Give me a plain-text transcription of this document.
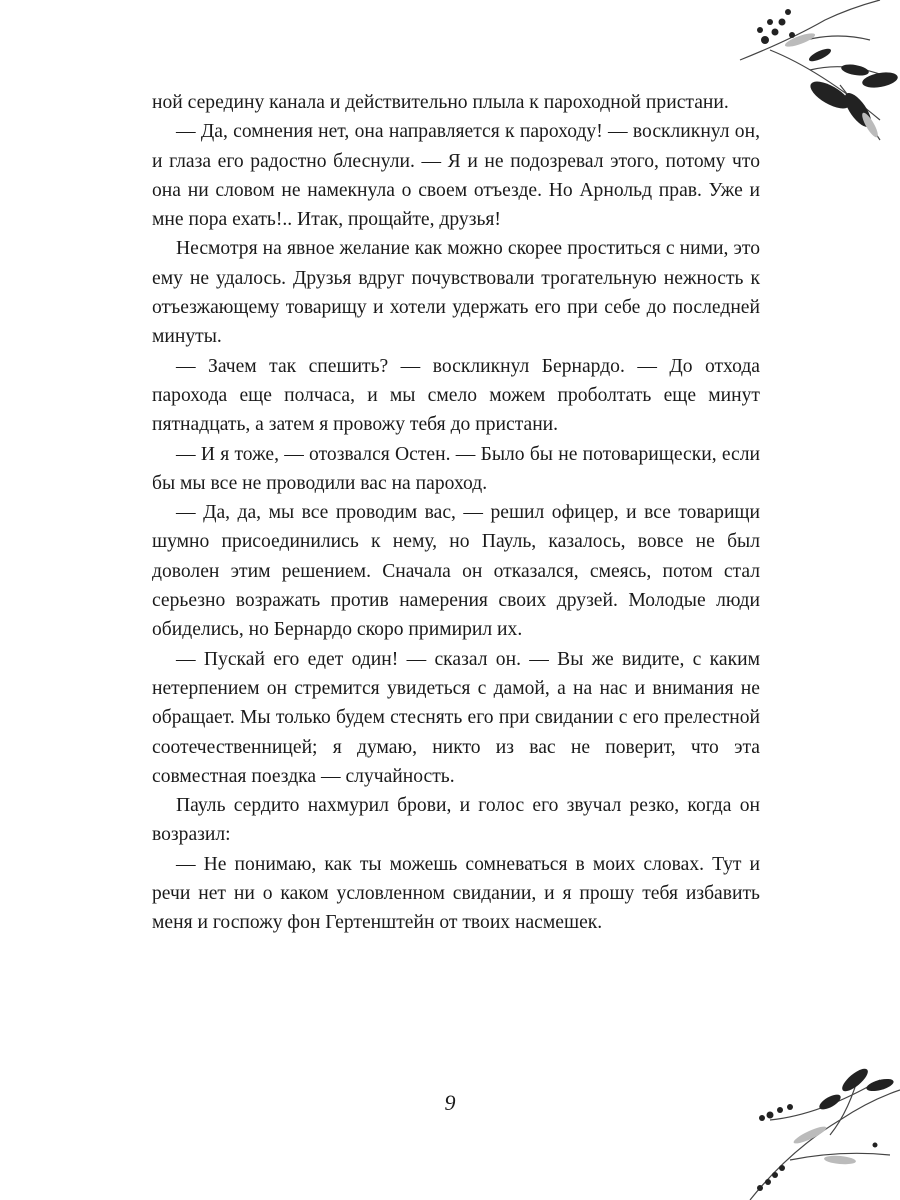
ной середину канала и действительно плыла к пароходной пристани.

— Да, сомнения нет, она направляется к пароходу! — воскликнул он, и глаза его радостно блеснули. — Я и не подозревал этого, потому что она ни словом не намекнула о своем отъезде. Но Арнольд прав. Уже и мне пора ехать!.. Итак, прощайте, друзья!

Несмотря на явное желание как можно скорее проститься с ними, это ему не удалось. Друзья вдруг почувствовали трогательную нежность к отъезжающему товарищу и хотели удержать его при себе до последней минуты.

— Зачем так спешить? — воскликнул Бернардо. — До отхода парохода еще полчаса, и мы смело можем проболтать еще минут пятнадцать, а затем я провожу тебя до пристани.

— И я тоже, — отозвался Остен. — Было бы не потоварищески, если бы мы все не проводили вас на пароход.

— Да, да, мы все проводим вас, — решил офицер, и все товарищи шумно присоединились к нему, но Пауль, казалось, вовсе не был доволен этим решением. Сначала он отказался, смеясь, потом стал серьезно возражать против намерения своих друзей. Молодые люди обиделись, но Бернардо скоро примирил их.

— Пускай его едет один! — сказал он. — Вы же видите, с каким нетерпением он стремится увидеться с дамой, а на нас и внимания не обращает. Мы только будем стеснять его при свидании с его прелестной соотечественницей; я думаю, никто из вас не поверит, что эта совместная поездка — случайность.

Пауль сердито нахмурил брови, и голос его звучал резко, когда он возразил:

— Не понимаю, как ты можешь сомневаться в моих словах. Тут и речи нет ни о каком условленном свидании, и я прошу тебя избавить меня и госпожу фон Гертенштейн от твоих насмешек.

9
